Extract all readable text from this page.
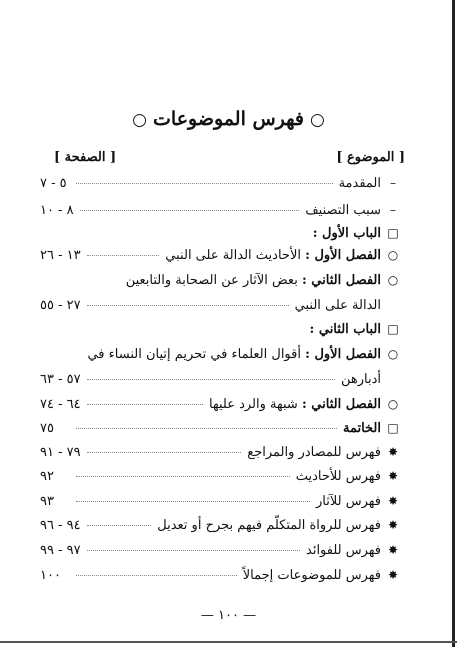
○فهرس الموضوعات○
[ الموضوع ]
[ الصفحة ]
–
المقدمة
٥ - ٧
–
سبب التصنيف
٨ - ١٠
□
الباب الأول :
○
الفصل الأول : الأحاديث الدالة على النبي
١٣ - ٢٦
○
الفصل الثاني : بعض الآثار عن الصحابة والتابعين
الدالة على النبي
٢٧ - ٥٥
□
الباب الثاني :
○
الفصل الأول : أقوال العلماء في تحريم إتيان النساء في
أدبارهن
٥٧ - ٦٣
○
الفصل الثاني : شبهة والرد عليها
٦٤ - ٧٤
□
الخاتمة
٧٥
✸
فهرس للمصادر والمراجع
٧٩ - ٩١
✸
فهرس للأحاديث
٩٢
✸
فهرس للآثار
٩٣
✸
فهرس للرواة المتكلّم فيهم بجرح أو تعديل
٩٤ - ٩٦
✸
فهرس للفوائد
٩٧ - ٩٩
✸
فهرس للموضوعات إجمالاً
١٠٠
— ١٠٠ —
